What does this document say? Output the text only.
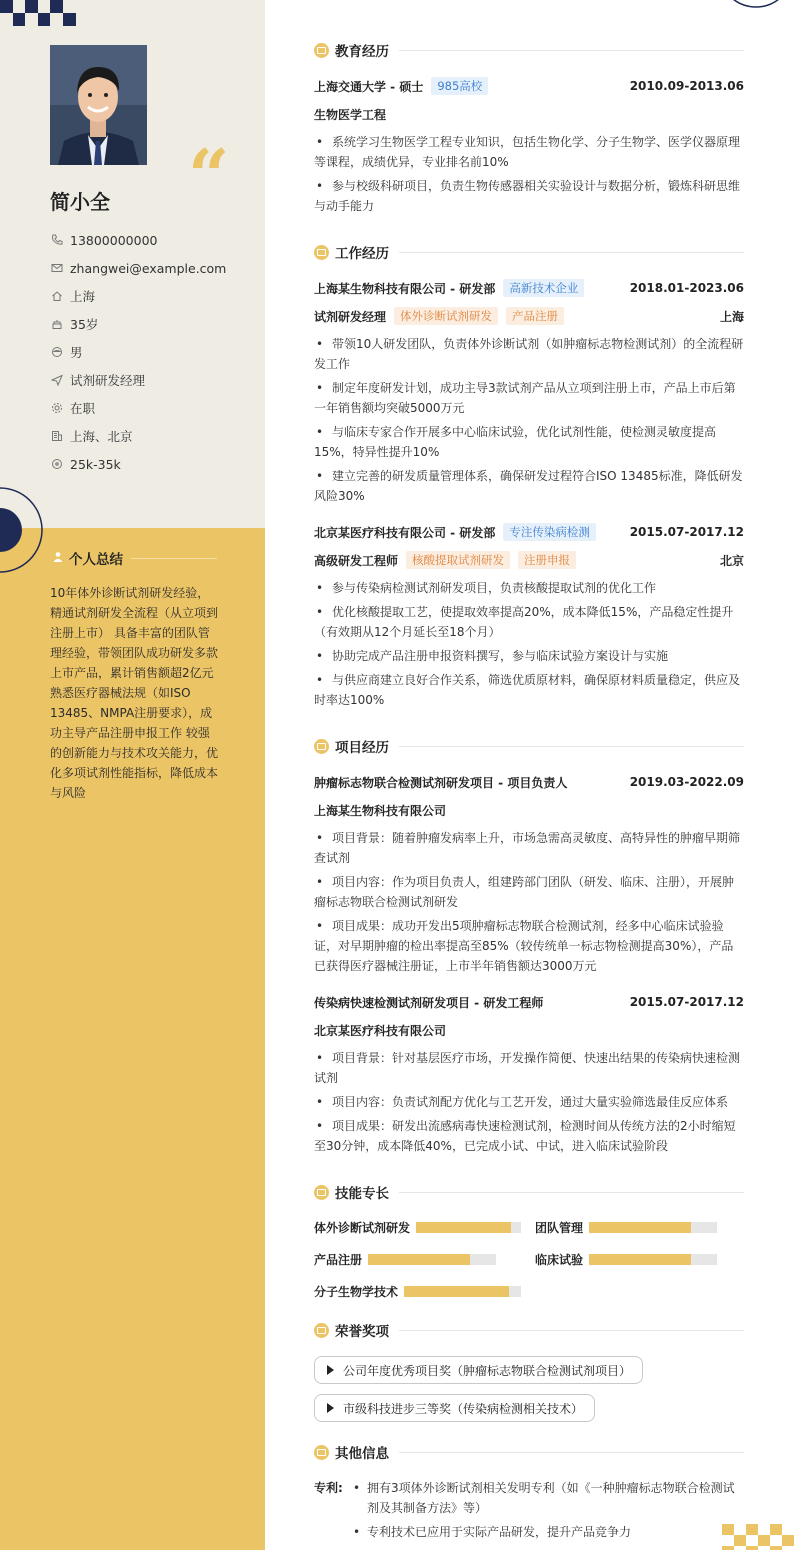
“
简小全
13800000000
zhangwei@example.com
上海
35岁
男
试剂研发经理
在职
上海、北京
25k-35k
个人总结
10年体外诊断试剂研发经验，精通试剂研发全流程（从立项到注册上市） 具备丰富的团队管理经验，带领团队成功研发多款上市产品，累计销售额超2亿元 熟悉医疗器械法规（如ISO 13485、NMPA注册要求），成功主导产品注册申报工作 较强的创新能力与技术攻关能力，优化多项试剂性能指标，降低成本与风险
教育经历
上海交通大学 - 硕士	985高校	2010.09-2013.06
生物医学工程

• 系统学习生物医学工程专业知识，包括生物化学、分子生物学、医学仪器原理等课程，成绩优异，专业排名前10%

• 参与校级科研项目，负责生物传感器相关实验设计与数据分析，锻炼科研思维与动手能力

工作经历
上海某生物科技有限公司 - 研发部	高新技术企业	2018.01-2023.06
试剂研发经理	体外诊断试剂研发	产品注册	上海

• 带领10人研发团队，负责体外诊断试剂（如肿瘤标志物检测试剂）的全流程研发工作

• 制定年度研发计划，成功主导3款试剂产品从立项到注册上市，产品上市后第一年销售额均突破5000万元

• 与临床专家合作开展多中心临床试验，优化试剂性能，使检测灵敏度提高15%，特异性提升10%

• 建立完善的研发质量管理体系，确保研发过程符合ISO 13485标准，降低研发风险30%

北京某医疗科技有限公司 - 研发部	专注传染病检测	2015.07-2017.12
高级研发工程师	核酸提取试剂研发	注册申报	北京

• 参与传染病检测试剂研发项目，负责核酸提取试剂的优化工作

• 优化核酸提取工艺，使提取效率提高20%，成本降低15%，产品稳定性提升（有效期从12个月延长至18个月）

• 协助完成产品注册申报资料撰写，参与临床试验方案设计与实施

• 与供应商建立良好合作关系，筛选优质原材料，确保原材料质量稳定，供应及时率达100%

项目经历
肿瘤标志物联合检测试剂研发项目 - 项目负责人	2019.03-2022.09
上海某生物科技有限公司

• 项目背景：随着肿瘤发病率上升，市场急需高灵敏度、高特异性的肿瘤早期筛查试剂

• 项目内容：作为项目负责人，组建跨部门团队（研发、临床、注册），开展肿瘤标志物联合检测试剂研发

• 项目成果：成功开发出5项肿瘤标志物联合检测试剂，经多中心临床试验验证，对早期肿瘤的检出率提高至85%（较传统单一标志物检测提高30%），产品已获得医疗器械注册证，上市半年销售额达3000万元

传染病快速检测试剂研发项目 - 研发工程师	2015.07-2017.12
北京某医疗科技有限公司

• 项目背景：针对基层医疗市场，开发操作简便、快速出结果的传染病快速检测试剂

• 项目内容：负责试剂配方优化与工艺开发，通过大量实验筛选最佳反应体系

• 项目成果：研发出流感病毒快速检测试剂，检测时间从传统方法的2小时缩短至30分钟，成本降低40%，已完成小试、中试，进入临床试验阶段

技能专长
体外诊断试剂研发	团队管理
产品注册	临床试验
分子生物学技术
荣誉奖项
公司年度优秀项目奖（肿瘤标志物联合检测试剂项目）
市级科技进步三等奖（传染病检测相关技术）
其他信息
专利:

•	拥有3项体外诊断试剂相关发明专利（如《一种肿瘤标志物联合检测试剂及其制备方法》等）

• 专利技术已应用于实际产品研发，提升产品竞争力
